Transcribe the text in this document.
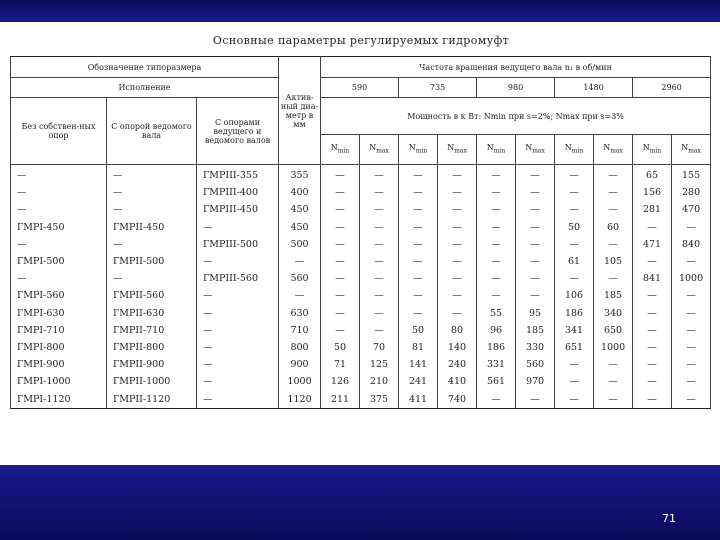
Основные параметры регулируемых гидромуфт
Обозначение типоразмера			Актив-ный диа-метр в мм	Частота вращения ведущего вала n₁ в об/мин									
Исполнение				590		735		980		1480		2960	
Без собствен-ных опор	С опорой ведомого вала	С опорами ведущего и ведомого валов		Мощность в к Вт: Nmin при s=2%; Nmax при s=3%									
				$N_{min}$	$N_{max}$	$N_{min}$	$N_{max}$	$N_{min}$	$N_{max}$	$N_{min}$	$N_{max}$	$N_{min}$	$N_{max}$
—	—	ГМРIII-355	355	—	—	—	—	—	—	—	—	65	155
—	—	ГМРIII-400	400	—	—	—	—	—	—	—	—	156	280
—	—	ГМРIII-450	450	—	—	—	—	—	—	—	—	281	470
ГМРI-450	ГМРII-450	—	450	—	—	—	—	—	—	50	60	—	—
—	—	ГМРIII-500	500	—	—	—	—	—	—	—	—	471	840
ГМРI-500	ГМРII-500	—	—	—	—	—	—	—	—	61	105	—	—
—	—	ГМРIII-560	560	—	—	—	—	—	—	—	—	841	1000
ГМРI-560	ГМРII-560	—	—	—	—	—	—	—	—	106	185	—	—
ГМРI-630	ГМРII-630	—	630	—	—	—	—	55	95	186	340	—	—
ГМРI-710	ГМРII-710	—	710	—	—	50	80	96	185	341	650	—	—
ГМРI-800	ГМРII-800	—	800	50	70	81	140	186	330	651	1000	—	—
ГМРI-900	ГМРII-900	—	900	71	125	141	240	331	560	—	—	—	—
ГМРI-1000	ГМРII-1000	—	1000	126	210	241	410	561	970	—	—	—	—
ГМРI-1120	ГМРII-1120	—	1120	211	375	411	740	—	—	—	—	—	—
71
